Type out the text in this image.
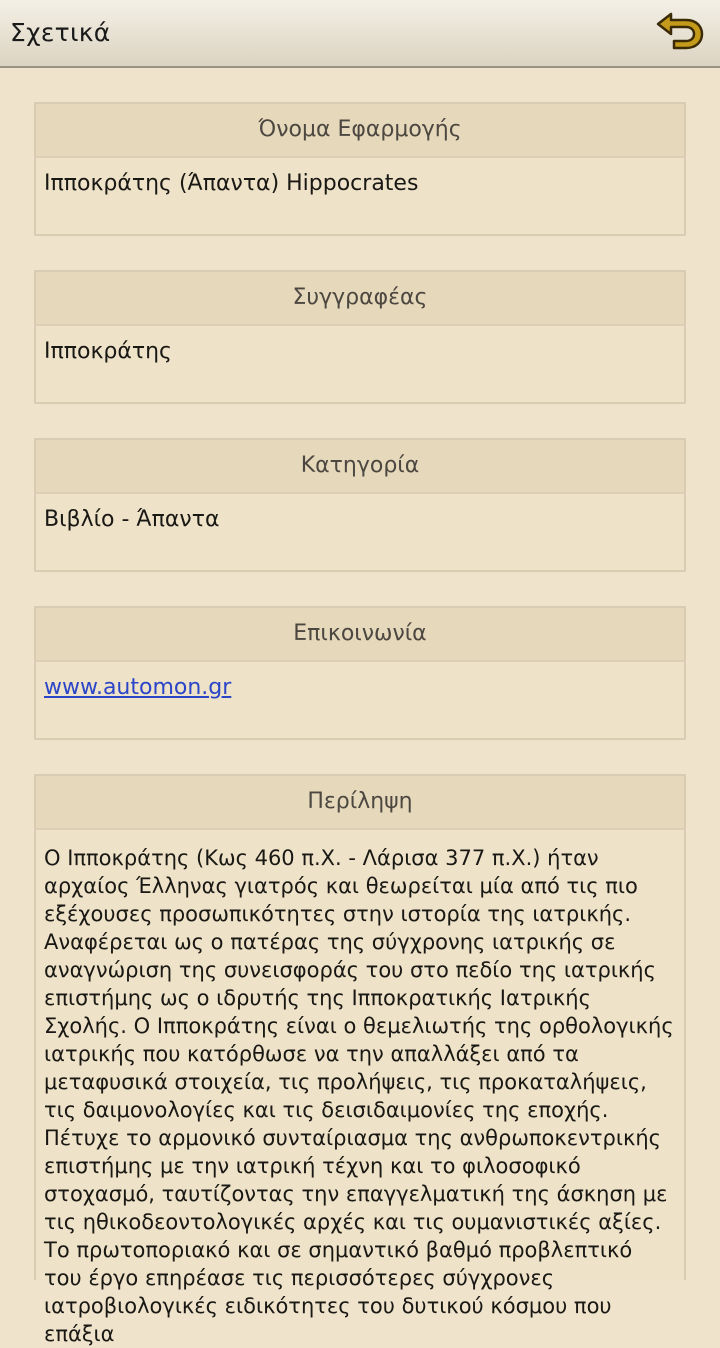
Σχετικά
Όνομα Εφαρμογής
Ιπποκράτης (Άπαντα) Hippocrates
Συγγραφέας
Ιπποκράτης
Κατηγορία
Βιβλίο - Άπαντα
Επικοινωνία
www.automon.gr
Περίληψη
Ο Ιπποκράτης (Κως 460 π.Χ. - Λάρισα 377 π.Χ.) ήταν αρχαίος Έλληνας γιατρός και θεωρείται μία από τις πιο εξέχουσες προσωπικότητες στην ιστορία της ιατρικής. Αναφέρεται ως ο πατέρας της σύγχρονης ιατρικής σε αναγνώριση της συνεισφοράς του στο πεδίο της ιατρικής επιστήμης ως ο ιδρυτής της Ιπποκρατικής Ιατρικής Σχολής. Ο Ιπποκράτης είναι ο θεμελιωτής της ορθολογικής ιατρικής που κατόρθωσε να την απαλλάξει από τα μεταφυσικά στοιχεία, τις προλήψεις, τις προκαταλήψεις, τις δαιμονολογίες και τις δεισιδαιμονίες της εποχής. Πέτυχε το αρμονικό συνταίριασμα της ανθρωποκεντρικής επιστήμης με την ιατρική τέχνη και το φιλοσοφικό στοχασμό, ταυτίζοντας την επαγγελματική της άσκηση με τις ηθικοδεοντολογικές αρχές και τις ουμανιστικές αξίες. Το πρωτοποριακό και σε σημαντικό βαθμό προβλεπτικό του έργο επηρέασε τις περισσότερες σύγχρονες ιατροβιολογικές ειδικότητες του δυτικού κόσμου που επάξια
